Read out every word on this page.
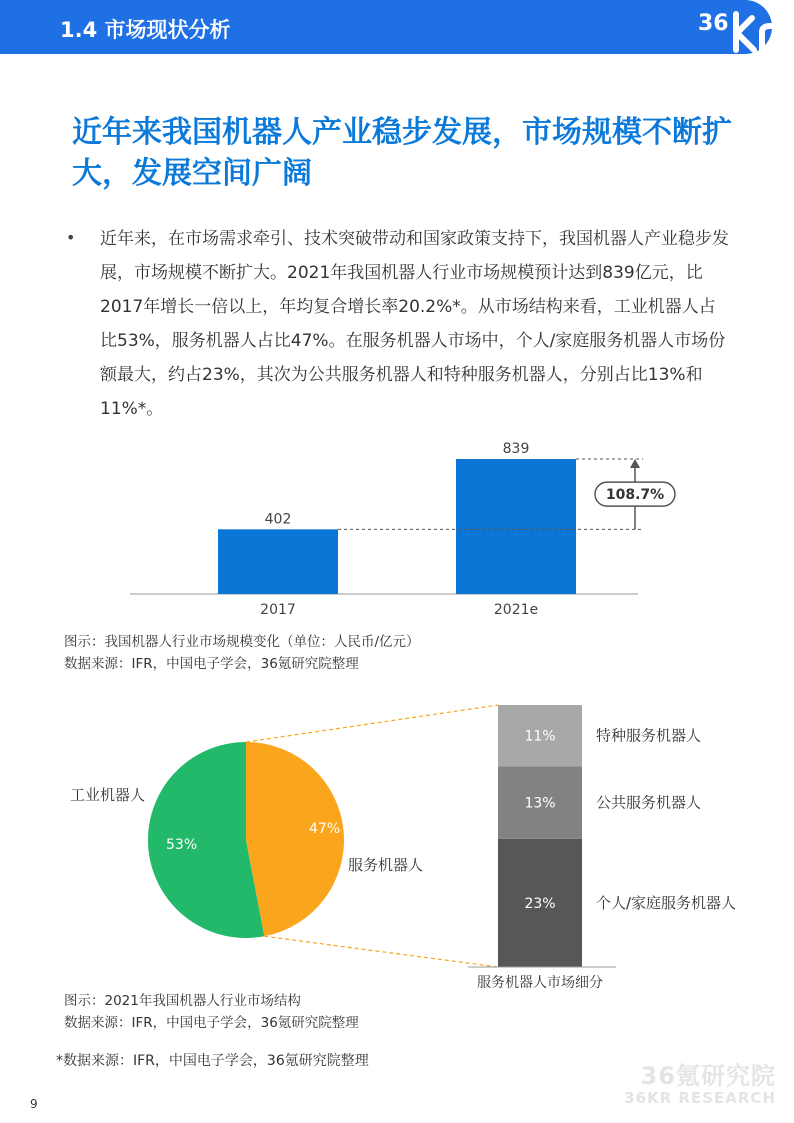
1.4 市场现状分析	36
近年来我国机器人产业稳步发展，市场规模不断扩大，发展空间广阔
• 近年来，在市场需求牵引、技术突破带动和国家政策支持下，我国机器人产业稳步发展，市场规模不断扩大。2021年我国机器人行业市场规模预计达到839亿元，比2017年增长一倍以上，年均复合增长率20.2%*。从市场结构来看，工业机器人占比53%，服务机器人占比47%。在服务机器人市场中，个人/家庭服务机器人市场份额最大，约占23%，其次为公共服务机器人和特种服务机器人，分别占比13%和11%*。

402
2017
839
2021e
108.7%
图示：我国机器人行业市场规模变化（单位：人民币/亿元）
数据来源：IFR，中国电子学会，36氪研究院整理
53%
47%
工业机器人
服务机器人
23%	个人/家庭服务机器人
13%	公共服务机器人
11%	特种服务机器人
服务机器人市场细分
图示：2021年我国机器人行业市场结构
数据来源：IFR，中国电子学会，36氪研究院整理
*数据来源：IFR，中国电子学会，36氪研究院整理
9
36氪研究院
36KR RESEARCH
